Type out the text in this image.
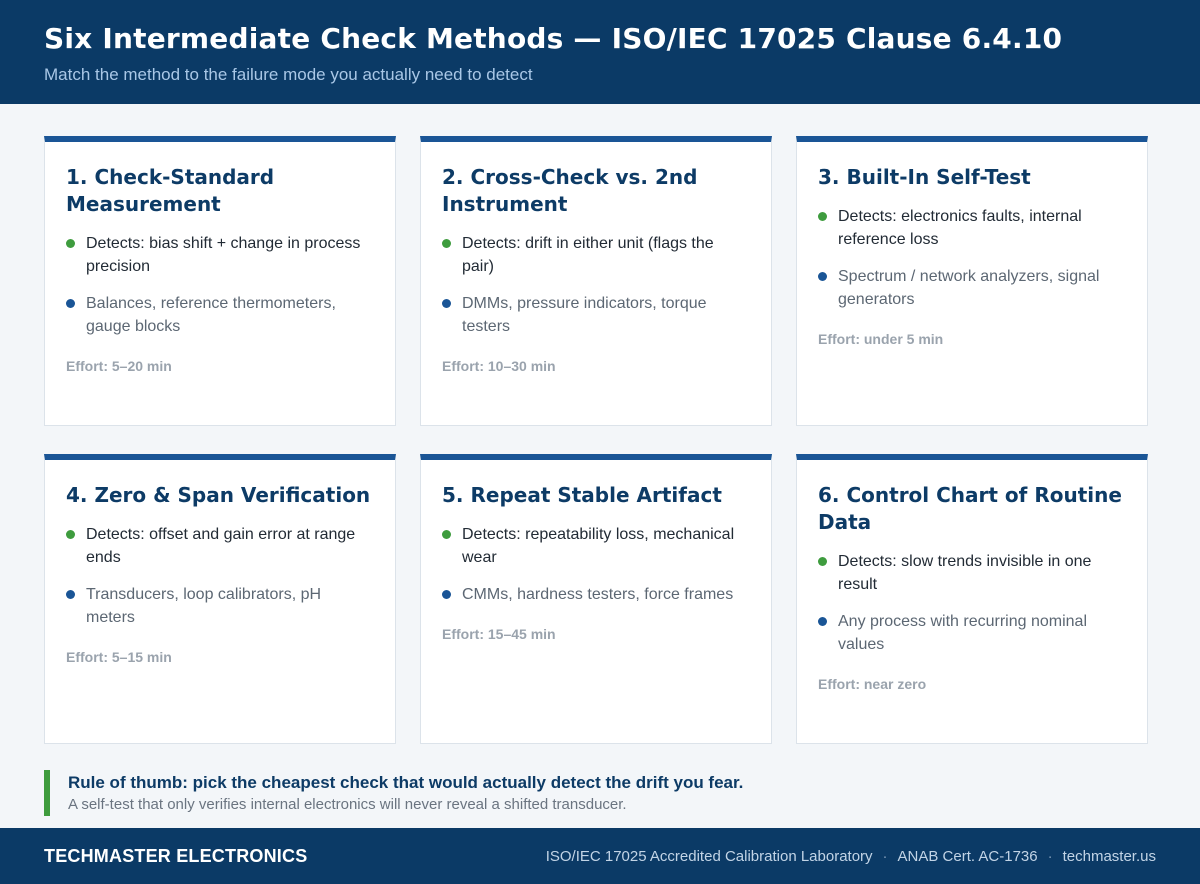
Six Intermediate Check Methods — ISO/IEC 17025 Clause 6.4.10
Match the method to the failure mode you actually need to detect
1. Check-Standard Measurement
Detects: bias shift + change in process precision
Balances, reference thermometers, gauge blocks
Effort: 5–20 min
2. Cross-Check vs. 2nd Instrument
Detects: drift in either unit (flags the pair)
DMMs, pressure indicators, torque testers
Effort: 10–30 min
3. Built-In Self-Test
Detects: electronics faults, internal reference loss
Spectrum / network analyzers, signal generators
Effort: under 5 min
4. Zero & Span Verification
Detects: offset and gain error at range ends
Transducers, loop calibrators, pH meters
Effort: 5–15 min
5. Repeat Stable Artifact
Detects: repeatability loss, mechanical wear
CMMs, hardness testers, force frames
Effort: 15–45 min
6. Control Chart of Routine Data
Detects: slow trends invisible in one result
Any process with recurring nominal values
Effort: near zero
Rule of thumb: pick the cheapest check that would actually detect the drift you fear.
A self-test that only verifies internal electronics will never reveal a shifted transducer.
TECHMASTER ELECTRONICS	ISO/IEC 17025 Accredited Calibration Laboratory · ANAB Cert. AC-1736 · techmaster.us
